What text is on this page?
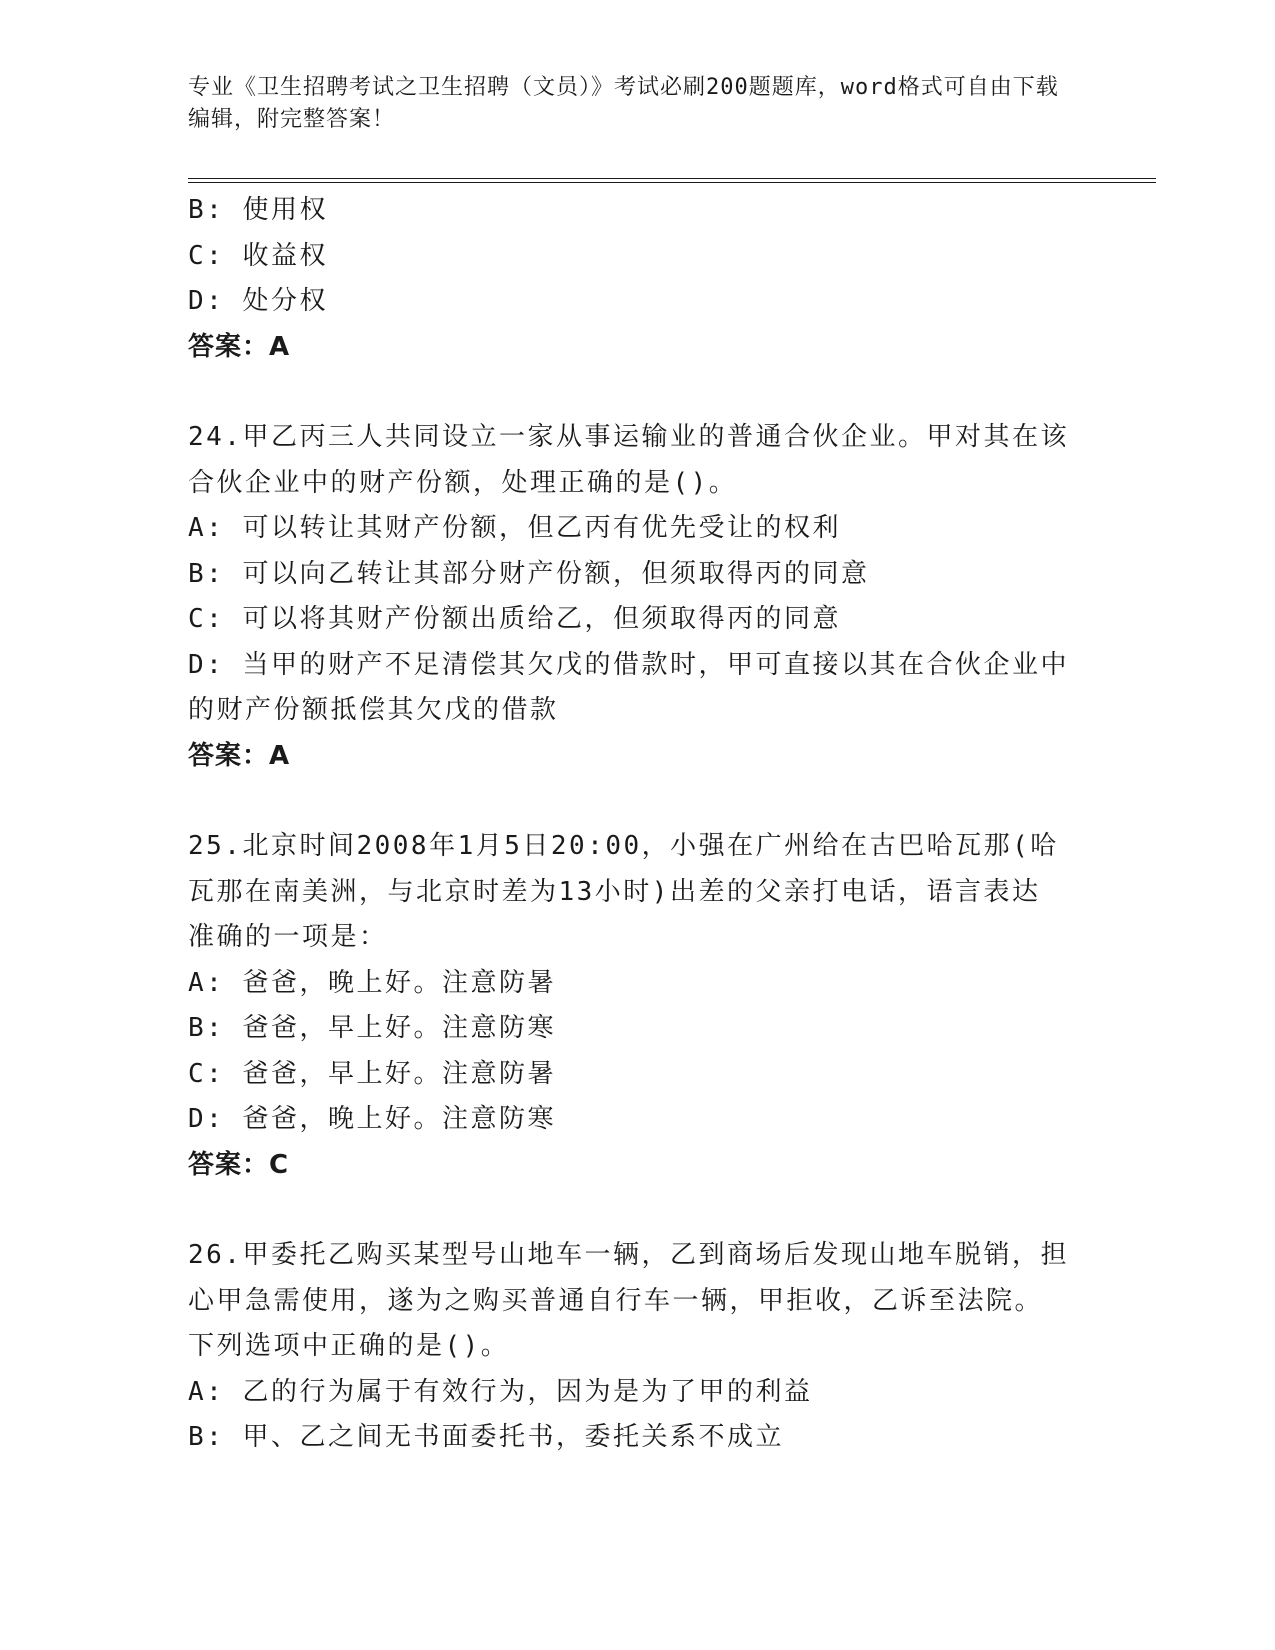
专业《卫生招聘考试之卫生招聘（文员）》考试必刷200题题库，word格式可自由下载编辑，附完整答案！
B: 使用权
C: 收益权
D: 处分权
答案：A
24.甲乙丙三人共同设立一家从事运输业的普通合伙企业。甲对其在该
合伙企业中的财产份额，处理正确的是()。
A: 可以转让其财产份额，但乙丙有优先受让的权利
B: 可以向乙转让其部分财产份额，但须取得丙的同意
C: 可以将其财产份额出质给乙，但须取得丙的同意
D: 当甲的财产不足清偿其欠戊的借款时，甲可直接以其在合伙企业中
的财产份额抵偿其欠戊的借款
答案：A
25.北京时间2008年1月5日20:00，小强在广州给在古巴哈瓦那(哈
瓦那在南美洲，与北京时差为13小时)出差的父亲打电话，语言表达
准确的一项是：
A: 爸爸，晚上好。注意防暑
B: 爸爸，早上好。注意防寒
C: 爸爸，早上好。注意防暑
D: 爸爸，晚上好。注意防寒
答案：C
26.甲委托乙购买某型号山地车一辆，乙到商场后发现山地车脱销，担
心甲急需使用，遂为之购买普通自行车一辆，甲拒收，乙诉至法院。
下列选项中正确的是()。
A: 乙的行为属于有效行为，因为是为了甲的利益
B: 甲、乙之间无书面委托书，委托关系不成立
